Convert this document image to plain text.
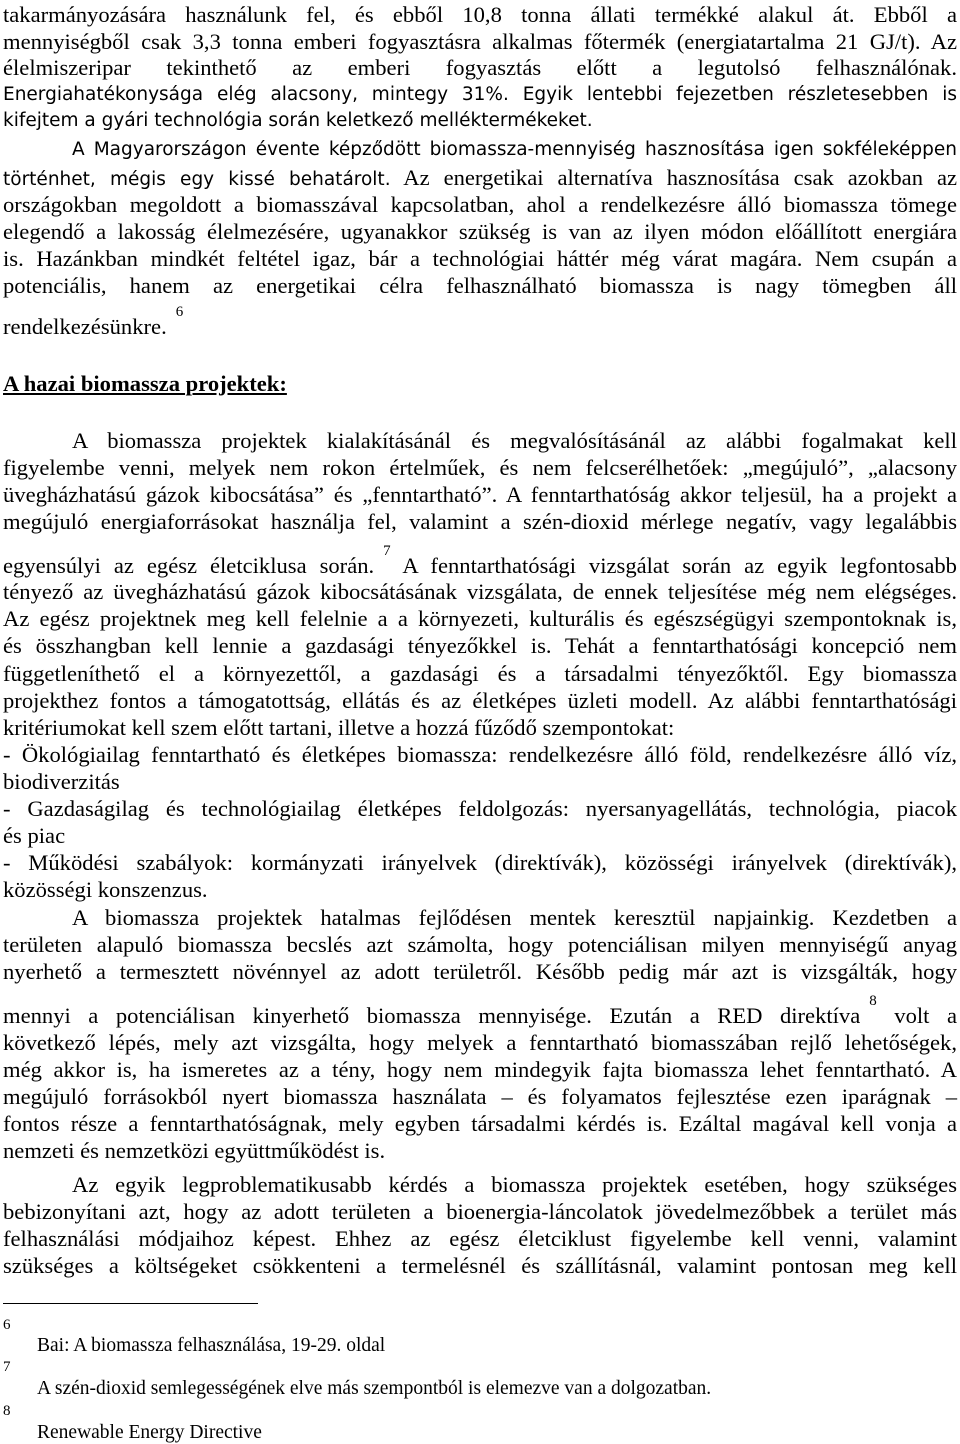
takarmányozására használunk fel, és ebből 10,8 tonna állati termékké alakul át. Ebből a
mennyiségből csak 3,3 tonna emberi fogyasztásra alkalmas főtermék (energiatartalma 21 GJ/t). Az
élelmiszeripar tekinthető az emberi fogyasztás előtt a legutolsó felhasználónak.
Energiahatékonysága elég alacsony, mintegy 31%. Egyik lentebbi fejezetben részletesebben is
kifejtem a gyári technológia során keletkező melléktermékeket.
A Magyarországon évente képződött biomassza-mennyiség hasznosítása igen sokféleképpen
történhet, mégis egy kissé behatárolt. Az energetikai alternatíva hasznosítása csak azokban az
országokban megoldott a biomasszával kapcsolatban, ahol a rendelkezésre álló biomassza tömege
elegendő a lakosság élelmezésére, ugyanakkor szükség is van az ilyen módon előállított energiára
is. Hazánkban mindkét feltétel igaz, bár a technológiai háttér még várat magára. Nem csupán a
potenciális, hanem az energetikai célra felhasználható biomassza is nagy tömegben áll
rendelkezésünkre.$^6$
A hazai biomassza projektek:
A biomassza projektek kialakításánál és megvalósításánál az alábbi fogalmakat kell
figyelembe venni, melyek nem rokon értelműek, és nem felcserélhetőek: „megújuló”, „alacsony
üvegházhatású gázok kibocsátása” és „fenntartható”. A fenntarthatóság akkor teljesül, ha a projekt a
megújuló energiaforrásokat használja fel, valamint a szén-dioxid mérlege negatív, vagy legalábbis
egyensúlyi az egész életciklusa során.$^7$ A fenntarthatósági vizsgálat során az egyik legfontosabb
tényező az üvegházhatású gázok kibocsátásának vizsgálata, de ennek teljesítése még nem elégséges.
Az egész projektnek meg kell felelnie a a környezeti, kulturális és egészségügyi szempontoknak is,
és összhangban kell lennie a gazdasági tényezőkkel is. Tehát a fenntarthatósági koncepció nem
függetleníthető el a környezettől, a gazdasági és a társadalmi tényezőktől. Egy biomassza
projekthez fontos a támogatottság, ellátás és az életképes üzleti modell. Az alábbi fenntarthatósági
kritériumokat kell szem előtt tartani, illetve a hozzá fűződő szempontokat:
- Ökológiailag fenntartható és életképes biomassza: rendelkezésre álló föld, rendelkezésre álló víz,
biodiverzitás
- Gazdaságilag és technológiailag életképes feldolgozás: nyersanyagellátás, technológia, piacok
és piac
- Működési szabályok: kormányzati irányelvek (direktívák), közösségi irányelvek (direktívák),
közösségi konszenzus.
A biomassza projektek hatalmas fejlődésen mentek keresztül napjainkig. Kezdetben a
területen alapuló biomassza becslés azt számolta, hogy potenciálisan milyen mennyiségű anyag
nyerhető a termesztett növénnyel az adott területről. Később pedig már azt is vizsgálták, hogy
mennyi a potenciálisan kinyerhető biomassza mennyisége. Ezután a RED direktíva$^8$ volt a
következő lépés, mely azt vizsgálta, hogy melyek a fenntartható biomasszában rejlő lehetőségek,
még akkor is, ha ismeretes az a tény, hogy nem mindegyik fajta biomassza lehet fenntartható. A
megújuló forrásokból nyert biomassza használata – és folyamatos fejlesztése ezen iparágnak –
fontos része a fenntarthatóságnak, mely egyben társadalmi kérdés is. Ezáltal magával kell vonja a
nemzeti és nemzetközi együttműködést is.
Az egyik legproblematikusabb kérdés a biomassza projektek esetében, hogy szükséges
bebizonyítani azt, hogy az adott területen a bioenergia-láncolatok jövedelmezőbbek a terület más
felhasználási módjaihoz képest. Ehhez az egész életciklust figyelembe kell venni, valamint
szükséges a költségeket csökkenteni a termelésnél és szállításnál, valamint pontosan meg kell
6
Bai: A biomassza felhasználása, 19-29. oldal
7
A szén-dioxid semlegességének elve más szempontból is elemezve van a dolgozatban.
8
Renewable Energy Directive
